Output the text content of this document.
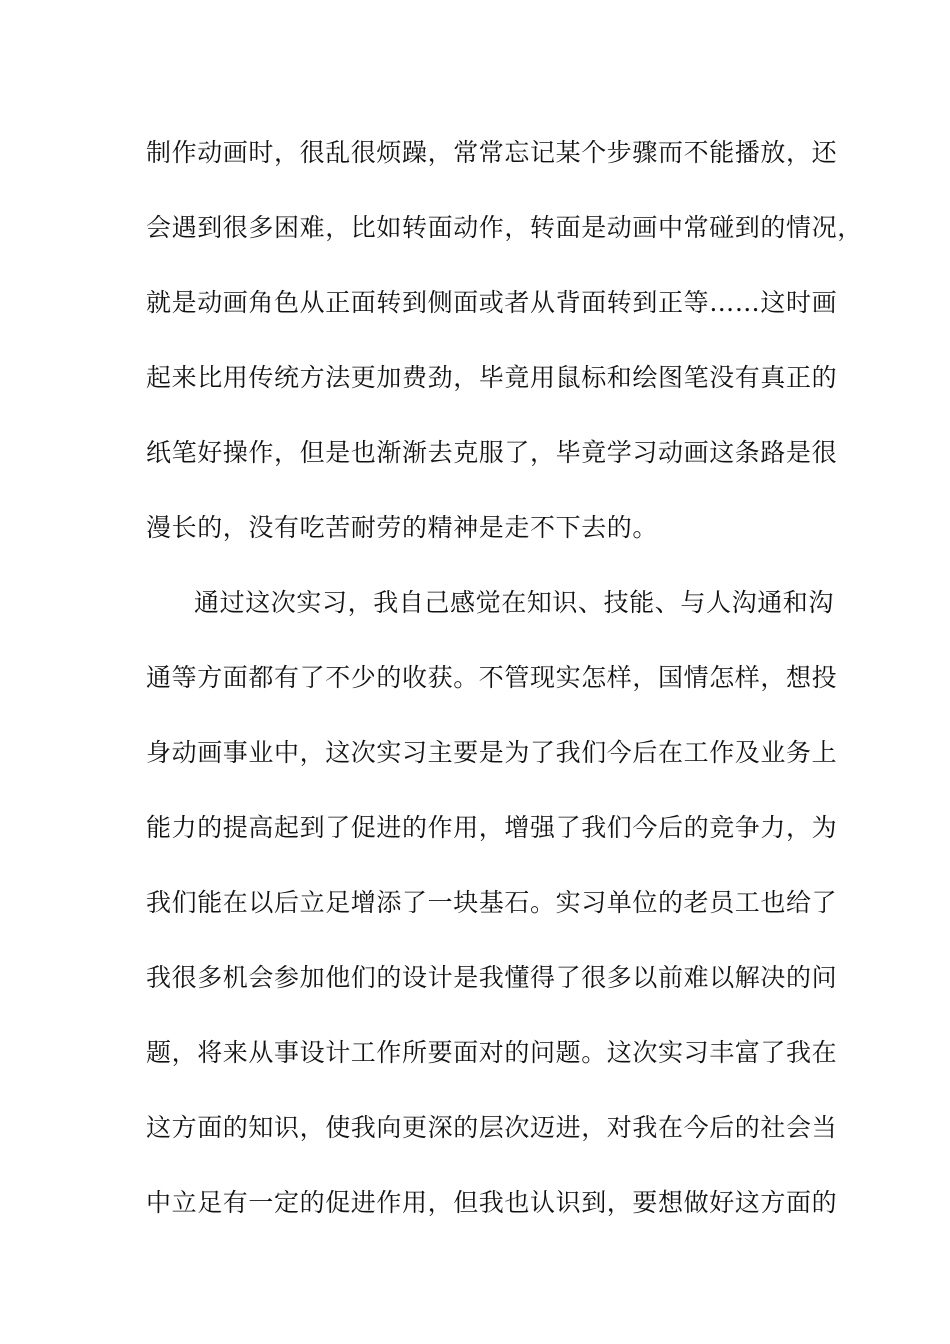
制作动画时，很乱很烦躁，常常忘记某个步骤而不能播放，还
会遇到很多困难，比如转面动作，转面是动画中常碰到的情况，
就是动画角色从正面转到侧面或者从背面转到正等……这时画
起来比用传统方法更加费劲，毕竟用鼠标和绘图笔没有真正的
纸笔好操作，但是也渐渐去克服了，毕竟学习动画这条路是很
漫长的，没有吃苦耐劳的精神是走不下去的。
通过这次实习，我自己感觉在知识、技能、与人沟通和沟
通等方面都有了不少的收获。不管现实怎样，国情怎样，想投
身动画事业中，这次实习主要是为了我们今后在工作及业务上
能力的提高起到了促进的作用，增强了我们今后的竞争力，为
我们能在以后立足增添了一块基石。实习单位的老员工也给了
我很多机会参加他们的设计是我懂得了很多以前难以解决的问
题，将来从事设计工作所要面对的问题。这次实习丰富了我在
这方面的知识，使我向更深的层次迈进，对我在今后的社会当
中立足有一定的促进作用，但我也认识到，要想做好这方面的
